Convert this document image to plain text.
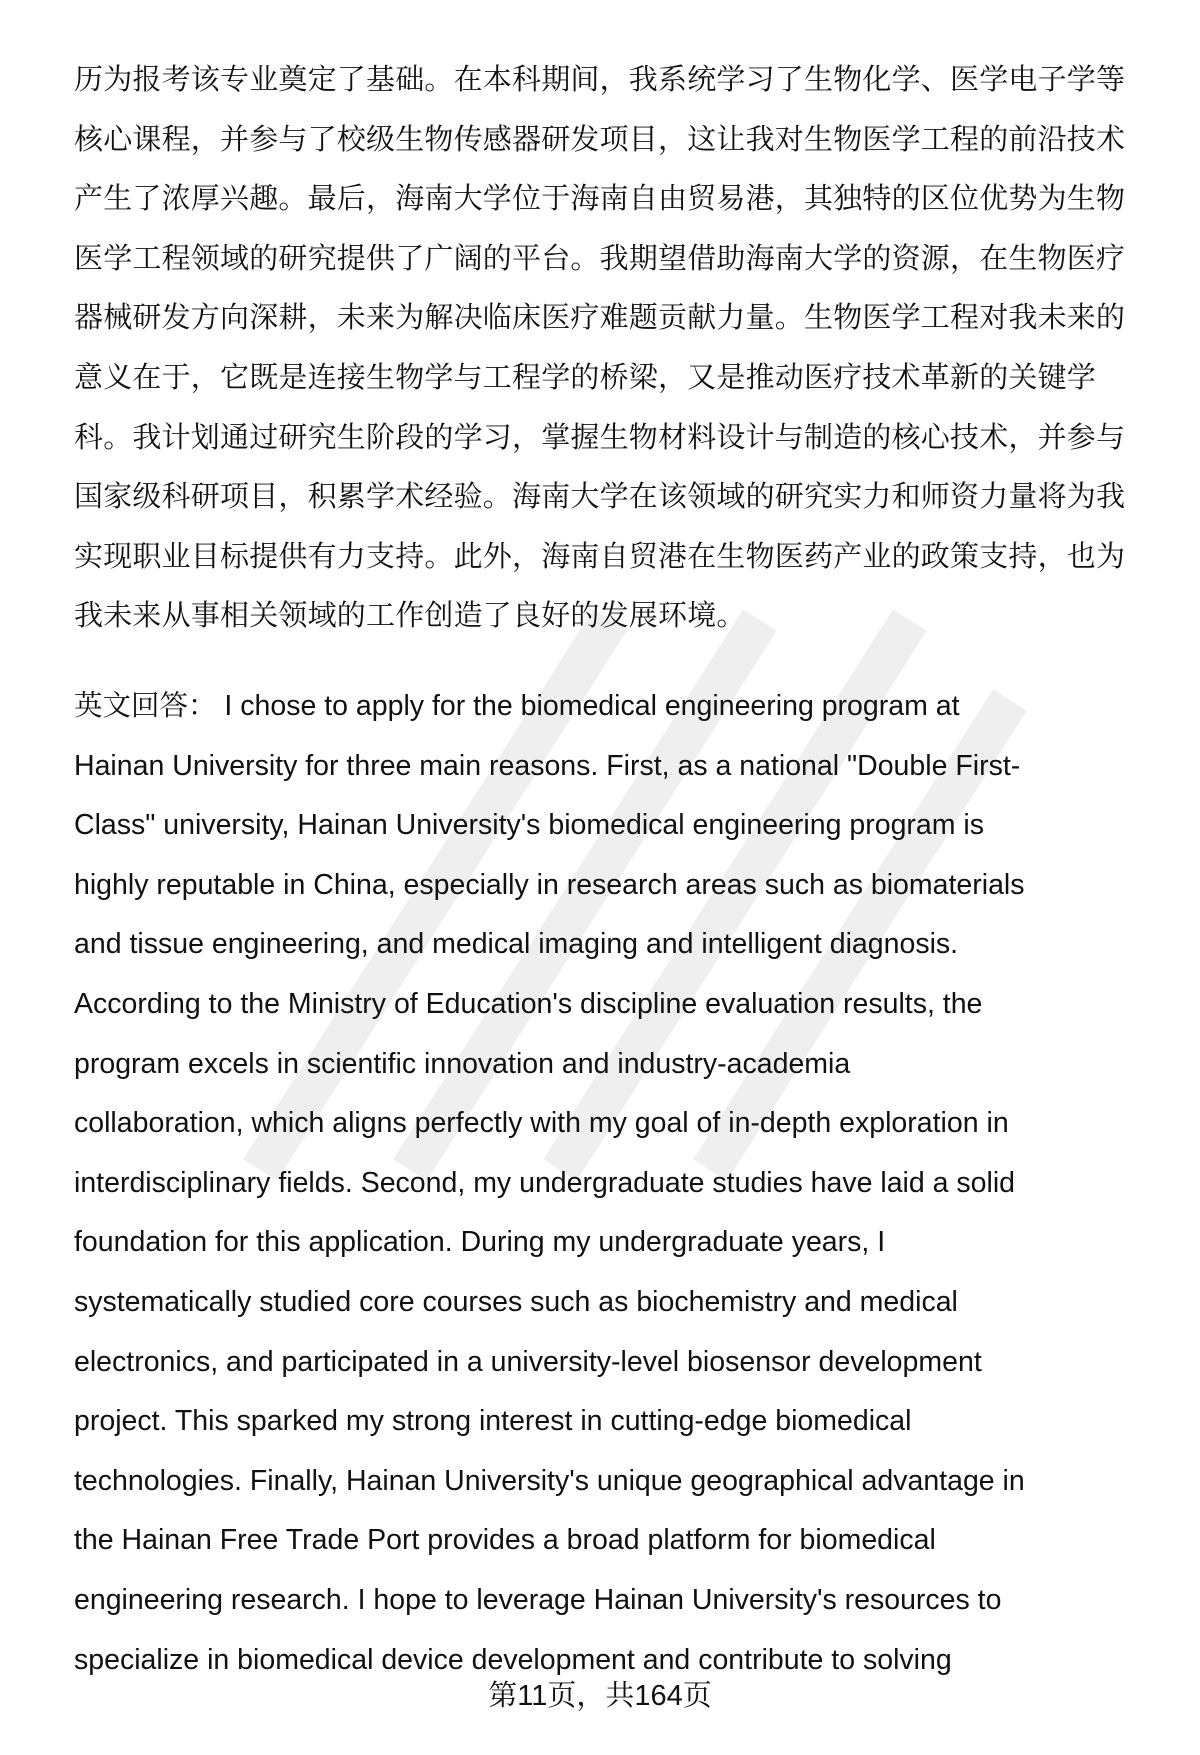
历为报考该专业奠定了基础。在本科期间，我系统学习了生物化学、医学电子学等
核心课程，并参与了校级生物传感器研发项目，这让我对生物医学工程的前沿技术
产生了浓厚兴趣。最后，海南大学位于海南自由贸易港，其独特的区位优势为生物
医学工程领域的研究提供了广阔的平台。我期望借助海南大学的资源，在生物医疗
器械研发方向深耕，未来为解决临床医疗难题贡献力量。生物医学工程对我未来的
意义在于，它既是连接生物学与工程学的桥梁，又是推动医疗技术革新的关键学
科。我计划通过研究生阶段的学习，掌握生物材料设计与制造的核心技术，并参与
国家级科研项目，积累学术经验。海南大学在该领域的研究实力和师资力量将为我
实现职业目标提供有力支持。此外，海南自贸港在生物医药产业的政策支持，也为
我未来从事相关领域的工作创造了良好的发展环境。
英文回答： I chose to apply for the biomedical engineering program at
Hainan University for three main reasons. First, as a national "Double First-
Class" university, Hainan University's biomedical engineering program is
highly reputable in China, especially in research areas such as biomaterials
and tissue engineering, and medical imaging and intelligent diagnosis.
According to the Ministry of Education's discipline evaluation results, the
program excels in scientific innovation and industry-academia
collaboration, which aligns perfectly with my goal of in-depth exploration in
interdisciplinary fields. Second, my undergraduate studies have laid a solid
foundation for this application. During my undergraduate years, I
systematically studied core courses such as biochemistry and medical
electronics, and participated in a university-level biosensor development
project. This sparked my strong interest in cutting-edge biomedical
technologies. Finally, Hainan University's unique geographical advantage in
the Hainan Free Trade Port provides a broad platform for biomedical
engineering research. I hope to leverage Hainan University's resources to
specialize in biomedical device development and contribute to solving
第11页，共164页
